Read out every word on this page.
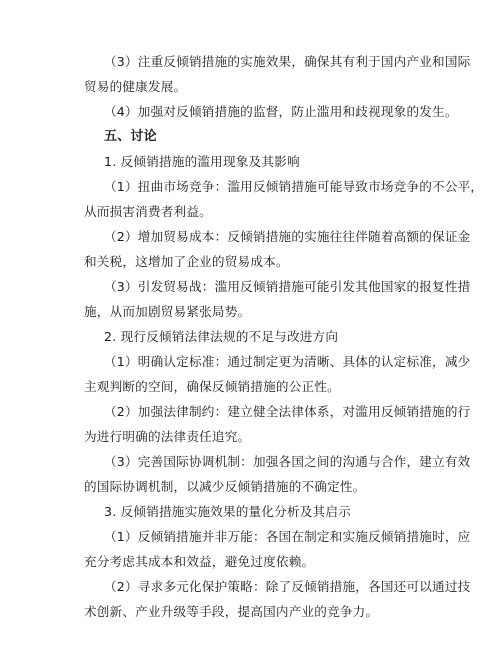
（3）注重反倾销措施的实施效果，确保其有利于国内产业和国际
贸易的健康发展。
（4）加强对反倾销措施的监督，防止滥用和歧视现象的发生。
五、讨论
1. 反倾销措施的滥用现象及其影响
（1）扭曲市场竞争：滥用反倾销措施可能导致市场竞争的不公平，
从而损害消费者利益。
（2）增加贸易成本：反倾销措施的实施往往伴随着高额的保证金
和关税，这增加了企业的贸易成本。
（3）引发贸易战：滥用反倾销措施可能引发其他国家的报复性措
施，从而加剧贸易紧张局势。
2. 现行反倾销法律法规的不足与改进方向
（1）明确认定标准：通过制定更为清晰、具体的认定标准，减少
主观判断的空间，确保反倾销措施的公正性。
（2）加强法律制约：建立健全法律体系，对滥用反倾销措施的行
为进行明确的法律责任追究。
（3）完善国际协调机制：加强各国之间的沟通与合作，建立有效
的国际协调机制，以减少反倾销措施的不确定性。
3. 反倾销措施实施效果的量化分析及其启示
（1）反倾销措施并非万能：各国在制定和实施反倾销措施时，应
充分考虑其成本和效益，避免过度依赖。
（2）寻求多元化保护策略：除了反倾销措施，各国还可以通过技
术创新、产业升级等手段，提高国内产业的竞争力。
